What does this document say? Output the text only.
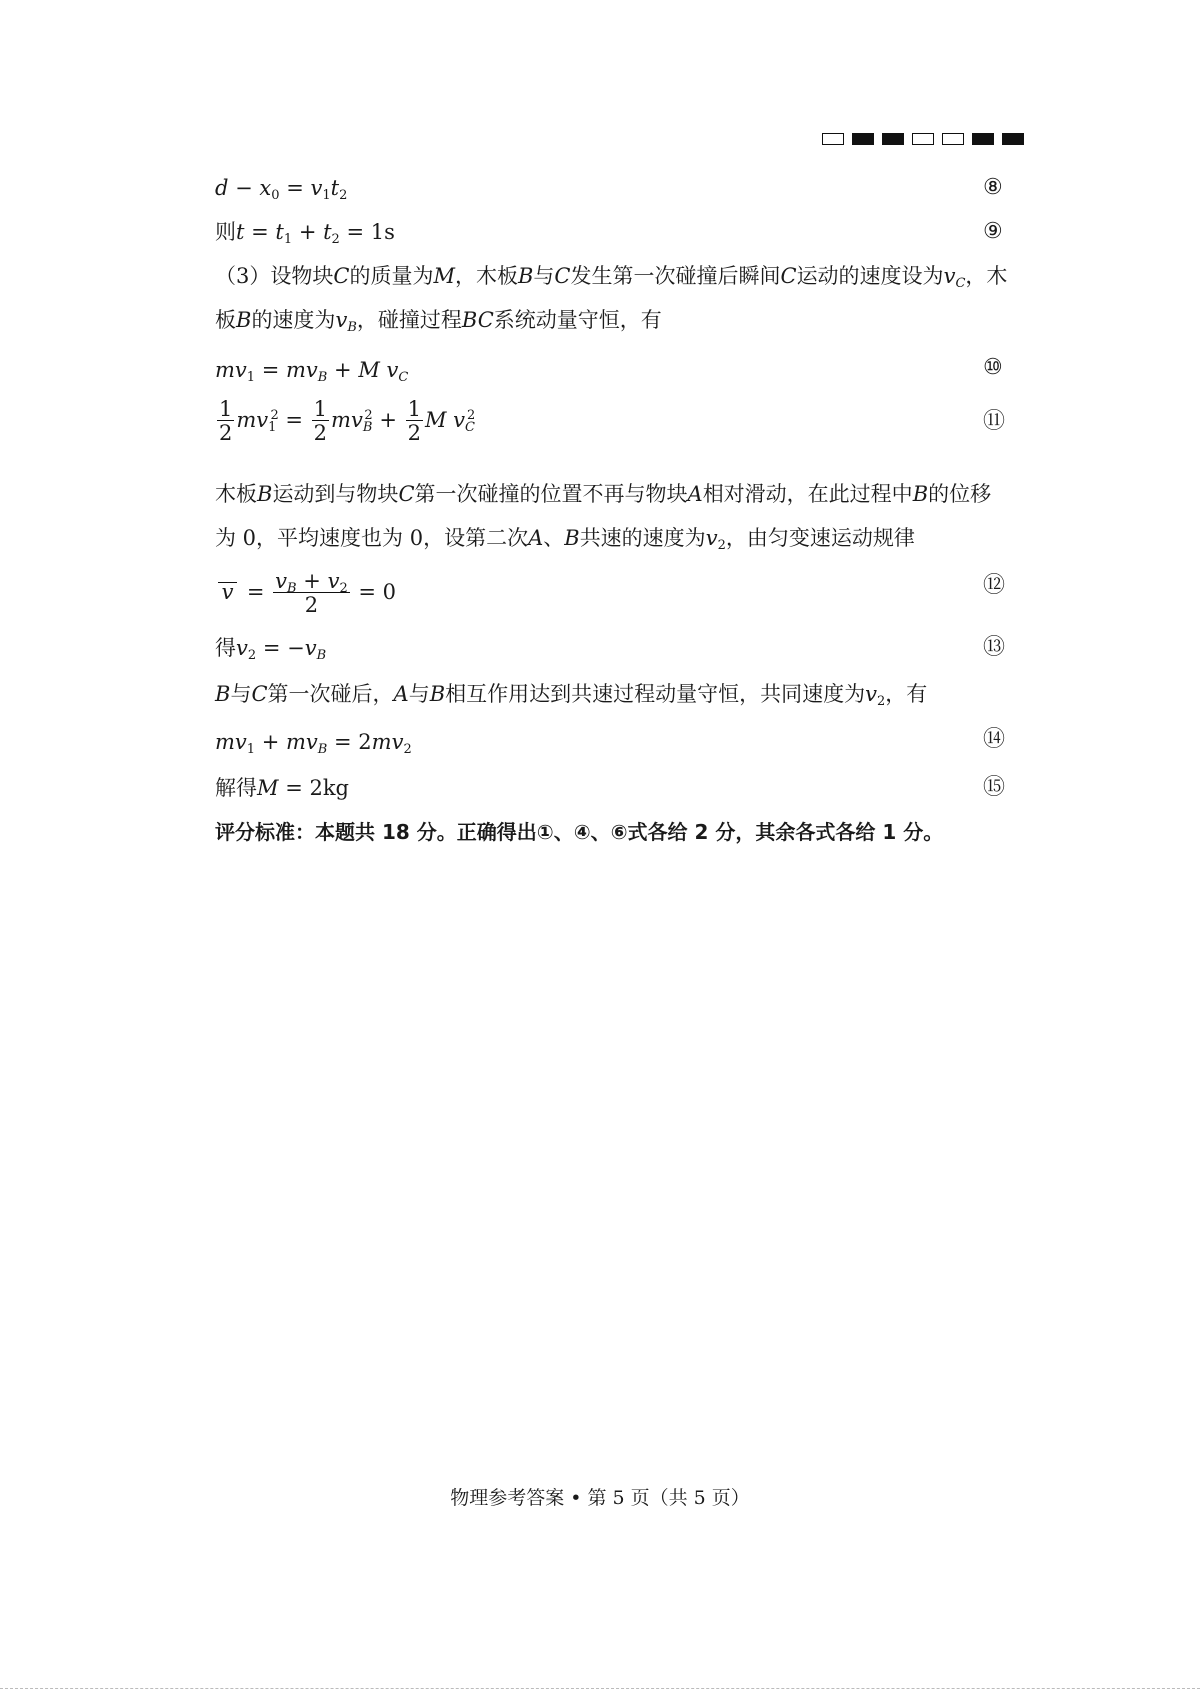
$d - x_0 = v_1t_2$	⑧
则$t = t_1 + t_2 = 1s$	⑨
（3）设物块C的质量为M，木板B与C发生第一次碰撞后瞬间C运动的速度设为$v_C$，木
板B的速度为$v_B$，碰撞过程BC系统动量守恒，有
$mv_1 = mv_B + M$ $v_C$	⑩
$\frac{1}{2} mv_1^2 = \frac{1}{2} mv_B^2 + \frac{1}{2}$ M $v_C^2$	⑪
木板B运动到与物块C第一次碰撞的位置不再与物块A相对滑动，在此过程中B的位移
为 0，平均速度也为 0，设第二次A、B共速的速度为$v_2$，由匀变速运动规律
$v = \frac{v_B + v_2}{2} = 0$	⑫
得$v_2 = -v_B$	⑬
B与C第一次碰后，A与B相互作用达到共速过程动量守恒，共同速度为$v_2$，有
$mv_1 + mv_B = 2mv_2$	⑭
解得M = 2kg	⑮
评分标准：本题共 18 分。正确得出①、④、⑥式各给 2 分，其余各式各给 1 分。
物理参考答案 • 第 5 页（共 5 页）
